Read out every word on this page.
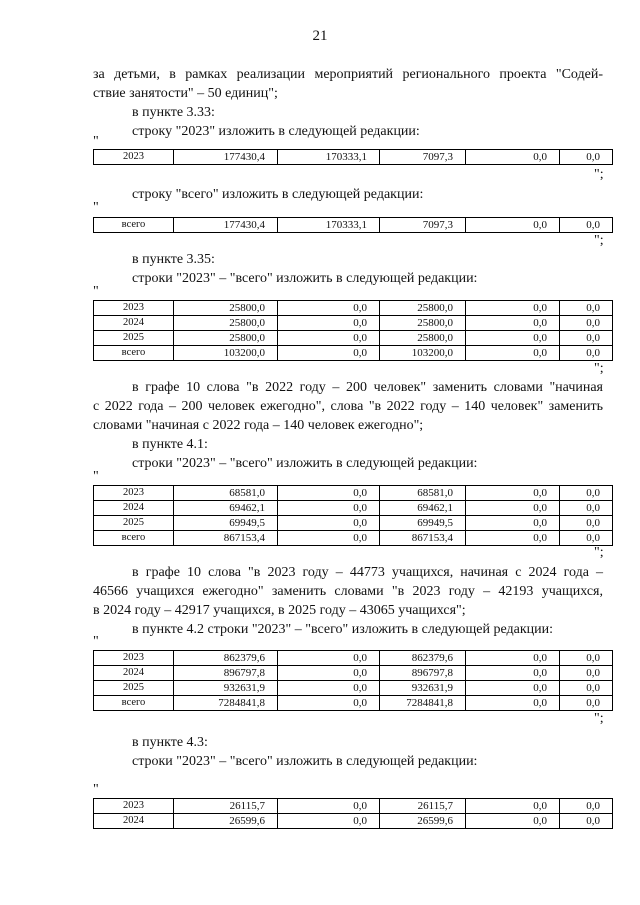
21
за детьми, в рамках реализации мероприятий регионального проекта "Содей-
ствие занятости" – 50 единиц";
в пункте 3.33:
строку "2023" изложить в следующей редакции:
"
2023	177430,4	170333,1	7097,3	0,0	0,0
";
строку "всего" изложить в следующей редакции:
"
всего	177430,4	170333,1	7097,3	0,0	0,0
";
в пункте 3.35:
строки "2023" – "всего" изложить в следующей редакции:
"
2023	25800,0	0,0	25800,0	0,0	0,0
2024	25800,0	0,0	25800,0	0,0	0,0
2025	25800,0	0,0	25800,0	0,0	0,0
всего	103200,0	0,0	103200,0	0,0	0,0
";
в графе 10 слова "в 2022 году – 200 человек" заменить словами "начиная
с 2022 года – 200 человек ежегодно", слова "в 2022 году – 140 человек" заменить
словами "начиная с 2022 года – 140 человек ежегодно";
в пункте 4.1:
строки "2023" – "всего" изложить в следующей редакции:
"
2023	68581,0	0,0	68581,0	0,0	0,0
2024	69462,1	0,0	69462,1	0,0	0,0
2025	69949,5	0,0	69949,5	0,0	0,0
всего	867153,4	0,0	867153,4	0,0	0,0
";
в графе 10 слова "в 2023 году – 44773 учащихся, начиная с 2024 года –
46566 учащихся ежегодно" заменить словами "в 2023 году – 42193 учащихся,
в 2024 году – 42917 учащихся, в 2025 году – 43065 учащихся";
в пункте 4.2 строки "2023" – "всего" изложить в следующей редакции:
"
2023	862379,6	0,0	862379,6	0,0	0,0
2024	896797,8	0,0	896797,8	0,0	0,0
2025	932631,9	0,0	932631,9	0,0	0,0
всего	7284841,8	0,0	7284841,8	0,0	0,0
";
в пункте 4.3:
строки "2023" – "всего" изложить в следующей редакции:
"
2023	26115,7	0,0	26115,7	0,0	0,0
2024	26599,6	0,0	26599,6	0,0	0,0
